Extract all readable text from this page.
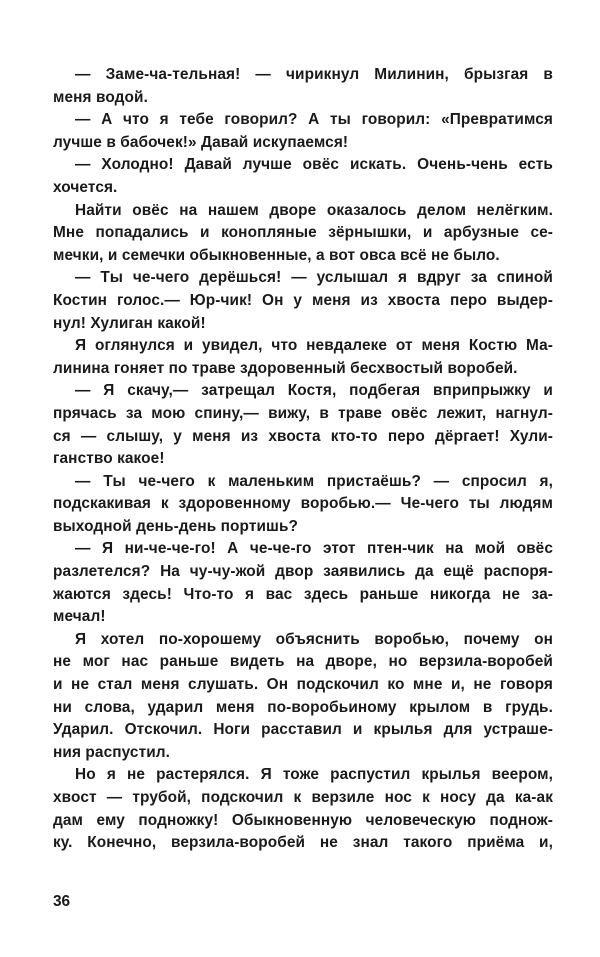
— Заме-ча-тельная! — чирикнул Милинин, брызгая в
меня водой.
— А что я тебе говорил? А ты говорил: «Превратимся
лучше в бабочек!» Давай искупаемся!
— Холодно! Давай лучше овёс искать. Очень-чень есть
хочется.
Найти овёс на нашем дворе оказалось делом нелёгким.
Мне попадались и конопляные зёрнышки, и арбузные се-
мечки, и семечки обыкновенные, а вот овса всё не было.
— Ты че-чего дерёшься! — услышал я вдруг за спиной
Костин голос.— Юр-чик! Он у меня из хвоста перо выдер-
нул! Хулиган какой!
Я оглянулся и увидел, что невдалеке от меня Костю Ма-
линина гоняет по траве здоровенный бесхвостый воробей.
— Я скачу,— затрещал Костя, подбегая вприпрыжку и
прячась за мою спину,— вижу, в траве овёс лежит, нагнул-
ся — слышу, у меня из хвоста кто-то перо дёргает! Хули-
ганство какое!
— Ты че-чего к маленьким пристаёшь? — спросил я,
подскакивая к здоровенному воробью.— Че-чего ты людям
выходной день-день портишь?
— Я ни-че-че-го! А че-че-го этот птен-чик на мой овёс
разлетелся? На чу-чу-жой двор заявились да ещё распоря-
жаются здесь! Что-то я вас здесь раньше никогда не за-
мечал!
Я хотел по-хорошему объяснить воробью, почему он
не мог нас раньше видеть на дворе, но верзила-воробей
и не стал меня слушать. Он подскочил ко мне и, не говоря
ни слова, ударил меня по-воробьиному крылом в грудь.
Ударил. Отскочил. Ноги расставил и крылья для устраше-
ния распустил.
Но я не растерялся. Я тоже распустил крылья веером,
хвост — трубой, подскочил к верзиле нос к носу да ка-ак
дам ему подножку! Обыкновенную человеческую поднож-
ку. Конечно, верзила-воробей не знал такого приёма и,
36
